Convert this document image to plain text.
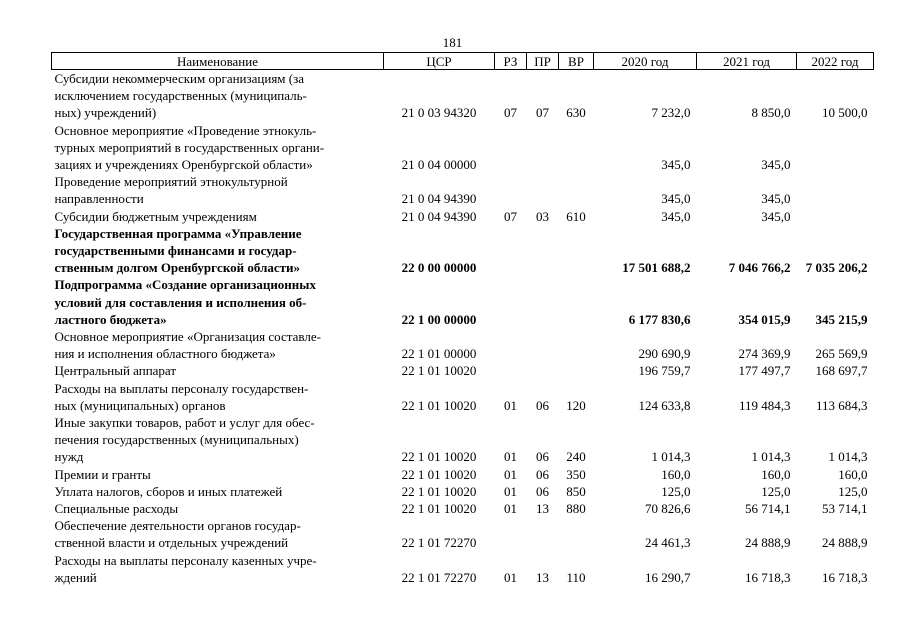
181
Наименование	ЦСР	РЗ	ПР	ВР	2020 год	2021 год	2022 год

Субсидии некоммерческим организациям (за
исключением государственных (муниципаль-
ных) учреждений)	21 0 03 94320	07	07	630	7 232,0	8 850,0	10 500,0

Основное мероприятие «Проведение этнокуль-
турных мероприятий в государственных органи-
зациях и учреждениях Оренбургской области»	21 0 04 00000				345,0	345,0	

Проведение мероприятий этнокультурной
направленности	21 0 04 94390				345,0	345,0	

Субсидии бюджетным учреждениям	21 0 04 94390	07	03	610	345,0	345,0	

Государственная программа «Управление
государственными финансами и государ-
ственным долгом Оренбургской области»	22 0 00 00000				17 501 688,2	7 046 766,2	7 035 206,2

Подпрограмма «Создание организационных
условий для составления и исполнения об-
ластного бюджета»	22 1 00 00000				6 177 830,6	354 015,9	345 215,9

Основное мероприятие «Организация составле-
ния и исполнения областного бюджета»	22 1 01 00000				290 690,9	274 369,9	265 569,9

Центральный аппарат	22 1 01 10020				196 759,7	177 497,7	168 697,7

Расходы на выплаты персоналу государствен-
ных (муниципальных) органов	22 1 01 10020	01	06	120	124 633,8	119 484,3	113 684,3

Иные закупки товаров, работ и услуг для обес-
печения государственных (муниципальных)
нужд	22 1 01 10020	01	06	240	1 014,3	1 014,3	1 014,3

Премии и гранты	22 1 01 10020	01	06	350	160,0	160,0	160,0

Уплата налогов, сборов и иных платежей	22 1 01 10020	01	06	850	125,0	125,0	125,0

Специальные расходы	22 1 01 10020	01	13	880	70 826,6	56 714,1	53 714,1

Обеспечение деятельности органов государ-
ственной власти и отдельных учреждений	22 1 01 72270				24 461,3	24 888,9	24 888,9

Расходы на выплаты персоналу казенных учре-
ждений	22 1 01 72270	01	13	110	16 290,7	16 718,3	16 718,3
